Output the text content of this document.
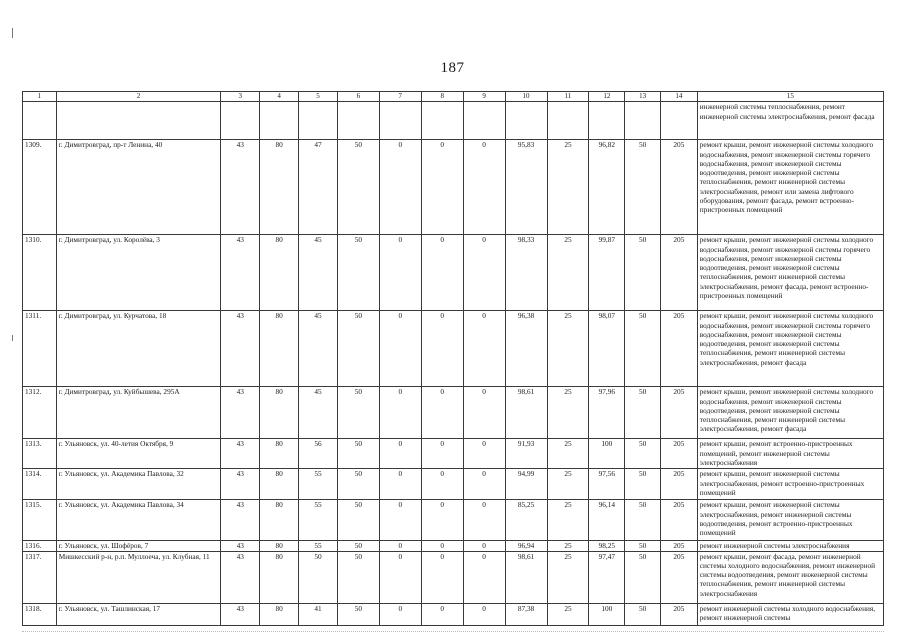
187
1	2	3	4	5	6	7	8	9	10	11	12	13	14	15
														инженерной системы теплоснабжения, ремонт инженерной системы электроснабжения, ремонт фасада
1309.	г. Димитровград, пр-т Ленина, 40	43	80	47	50	0	0	0	95,83	25	96,82	50	205	ремонт крыши, ремонт инженерной системы холодного водоснабжения, ремонт инженерной системы горячего водоснабжения, ремонт инженерной системы водоотведения, ремонт инженерной системы теплоснабжения, ремонт инженерной системы электроснабжения, ремонт или замена лифтового оборудования, ремонт фасада, ремонт встроенно-пристроенных помещений
1310.	г. Димитровград, ул. Королёва, 3	43	80	45	50	0	0	0	98,33	25	99,87	50	205	ремонт крыши, ремонт инженерной системы холодного водоснабжения, ремонт инженерной системы горячего водоснабжения, ремонт инженерной системы водоотведения, ремонт инженерной системы теплоснабжения, ремонт инженерной системы электроснабжения, ремонт фасада, ремонт встроенно-пристроенных помещений
1311.	г. Димитровград, ул. Курчатова, 18	43	80	45	50	0	0	0	96,38	25	98,07	50	205	ремонт крыши, ремонт инженерной системы холодного водоснабжения, ремонт инженерной системы горячего водоснабжения, ремонт инженерной системы водоотведения, ремонт инженерной системы теплоснабжения, ремонт инженерной системы электроснабжения, ремонт фасада
1312.	г. Димитровград, ул. Куйбышева, 295А	43	80	45	50	0	0	0	98,61	25	97,96	50	205	ремонт крыши, ремонт инженерной системы холодного водоснабжения, ремонт инженерной системы водоотведения, ремонт инженерной системы теплоснабжения, ремонт инженерной системы электроснабжения, ремонт фасада
1313.	г. Ульяновск, ул. 40-летия Октября, 9	43	80	56	50	0	0	0	91,93	25	100	50	205	ремонт крыши, ремонт встроенно-пристроенных помещений, ремонт инженерной системы электроснабжения
1314.	г. Ульяновск, ул. Академика Павлова, 32	43	80	55	50	0	0	0	94,99	25	97,56	50	205	ремонт крыши, ремонт инженерной системы электроснабжения, ремонт встроенно-пристроенных помещений
1315.	г. Ульяновск, ул. Академика Павлова, 34	43	80	55	50	0	0	0	85,25	25	96,14	50	205	ремонт крыши, ремонт инженерной системы электроснабжения, ремонт инженерной системы водоотведения, ремонт встроенно-пристроенных помещений
1316.	г. Ульяновск, ул. Шофёров, 7	43	80	55	50	0	0	0	96,94	25	98,25	50	205	ремонт инженерной системы электроснабжения
1317.	Мишкесский р-н, р.п. Муллоеча, ул. Клубная, 11	43	80	50	50	0	0	0	98,61	25	97,47	50	205	ремонт крыши, ремонт фасада, ремонт инженерной системы холодного водоснабжения, ремонт инженерной системы водоотведения, ремонт инженерной системы теплоснабжения, ремонт инженерной системы электроснабжения
1318.	г. Ульяновск, ул. Ташлинская, 17	43	80	41	50	0	0	0	87,38	25	100	50	205	ремонт инженерной системы холодного водоснабжения, ремонт инженерной системы
